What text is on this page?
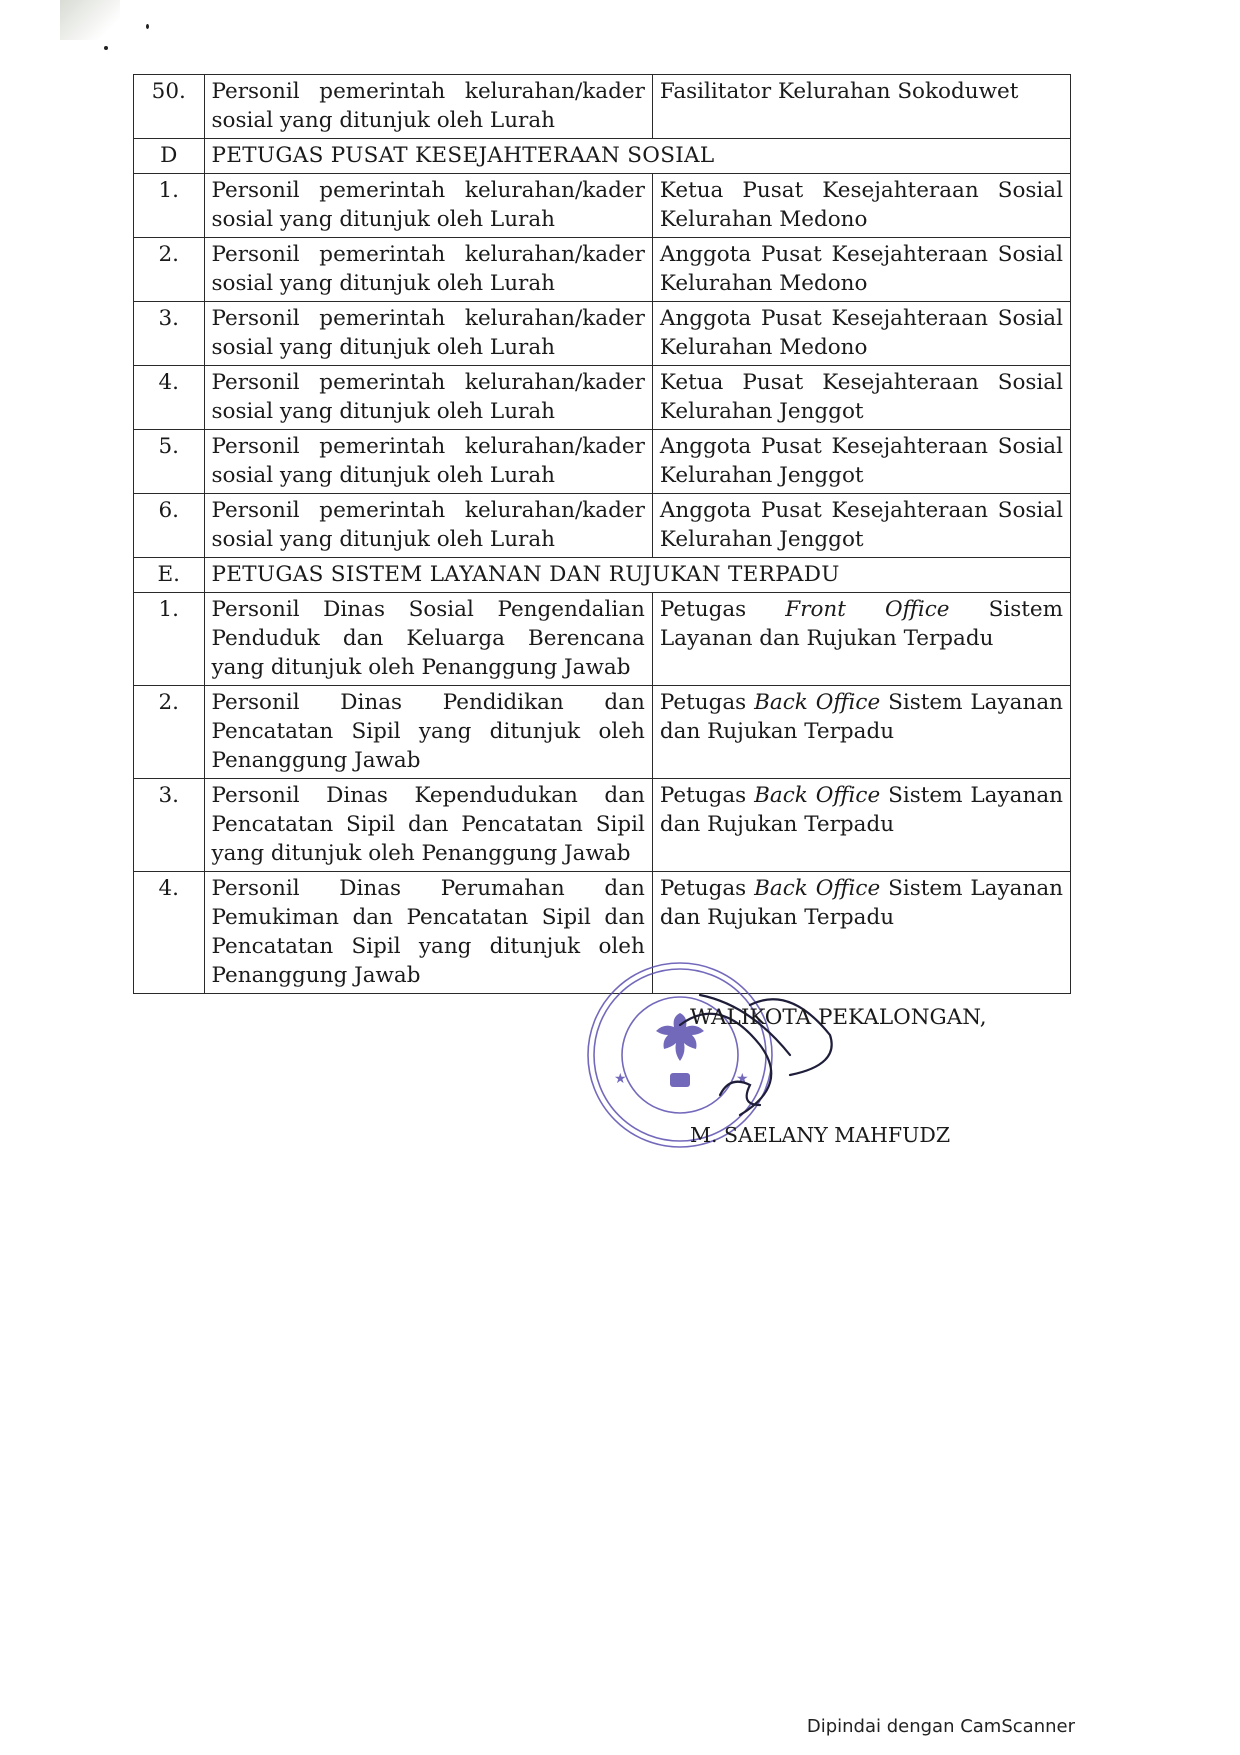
50.	Personil pemerintah kelurahan/kader sosial yang ditunjuk oleh Lurah	Fasilitator Kelurahan Sokoduwet
D	PETUGAS PUSAT KESEJAHTERAAN SOSIAL	
1.	Personil pemerintah kelurahan/kader sosial yang ditunjuk oleh Lurah	Ketua Pusat Kesejahteraan Sosial Kelurahan Medono
2.	Personil pemerintah kelurahan/kader sosial yang ditunjuk oleh Lurah	Anggota Pusat Kesejahteraan Sosial Kelurahan Medono
3.	Personil pemerintah kelurahan/kader sosial yang ditunjuk oleh Lurah	Anggota Pusat Kesejahteraan Sosial Kelurahan Medono
4.	Personil pemerintah kelurahan/kader sosial yang ditunjuk oleh Lurah	Ketua Pusat Kesejahteraan Sosial Kelurahan Jenggot
5.	Personil pemerintah kelurahan/kader sosial yang ditunjuk oleh Lurah	Anggota Pusat Kesejahteraan Sosial Kelurahan Jenggot
6.	Personil pemerintah kelurahan/kader sosial yang ditunjuk oleh Lurah	Anggota Pusat Kesejahteraan Sosial Kelurahan Jenggot
E.	PETUGAS SISTEM LAYANAN DAN RUJUKAN TERPADU	
1.	Personil Dinas Sosial Pengendalian Penduduk dan Keluarga Berencana yang ditunjuk oleh Penanggung Jawab	Petugas Front Office Sistem Layanan dan Rujukan Terpadu
2.	Personil Dinas Pendidikan dan Pencatatan Sipil yang ditunjuk oleh Penanggung Jawab	Petugas Back Office Sistem Layanan dan Rujukan Terpadu
3.	Personil Dinas Kependudukan dan Pencatatan Sipil dan Pencatatan Sipil yang ditunjuk oleh Penanggung Jawab	Petugas Back Office Sistem Layanan dan Rujukan Terpadu
4.	Personil Dinas Perumahan dan Pemukiman dan Pencatatan Sipil dan Pencatatan Sipil yang ditunjuk oleh Penanggung Jawab	Petugas Back Office Sistem Layanan dan Rujukan Terpadu
★	★
WALIKOTA PEKALONGAN,
M. SAELANY MAHFUDZ
Dipindai dengan CamScanner
